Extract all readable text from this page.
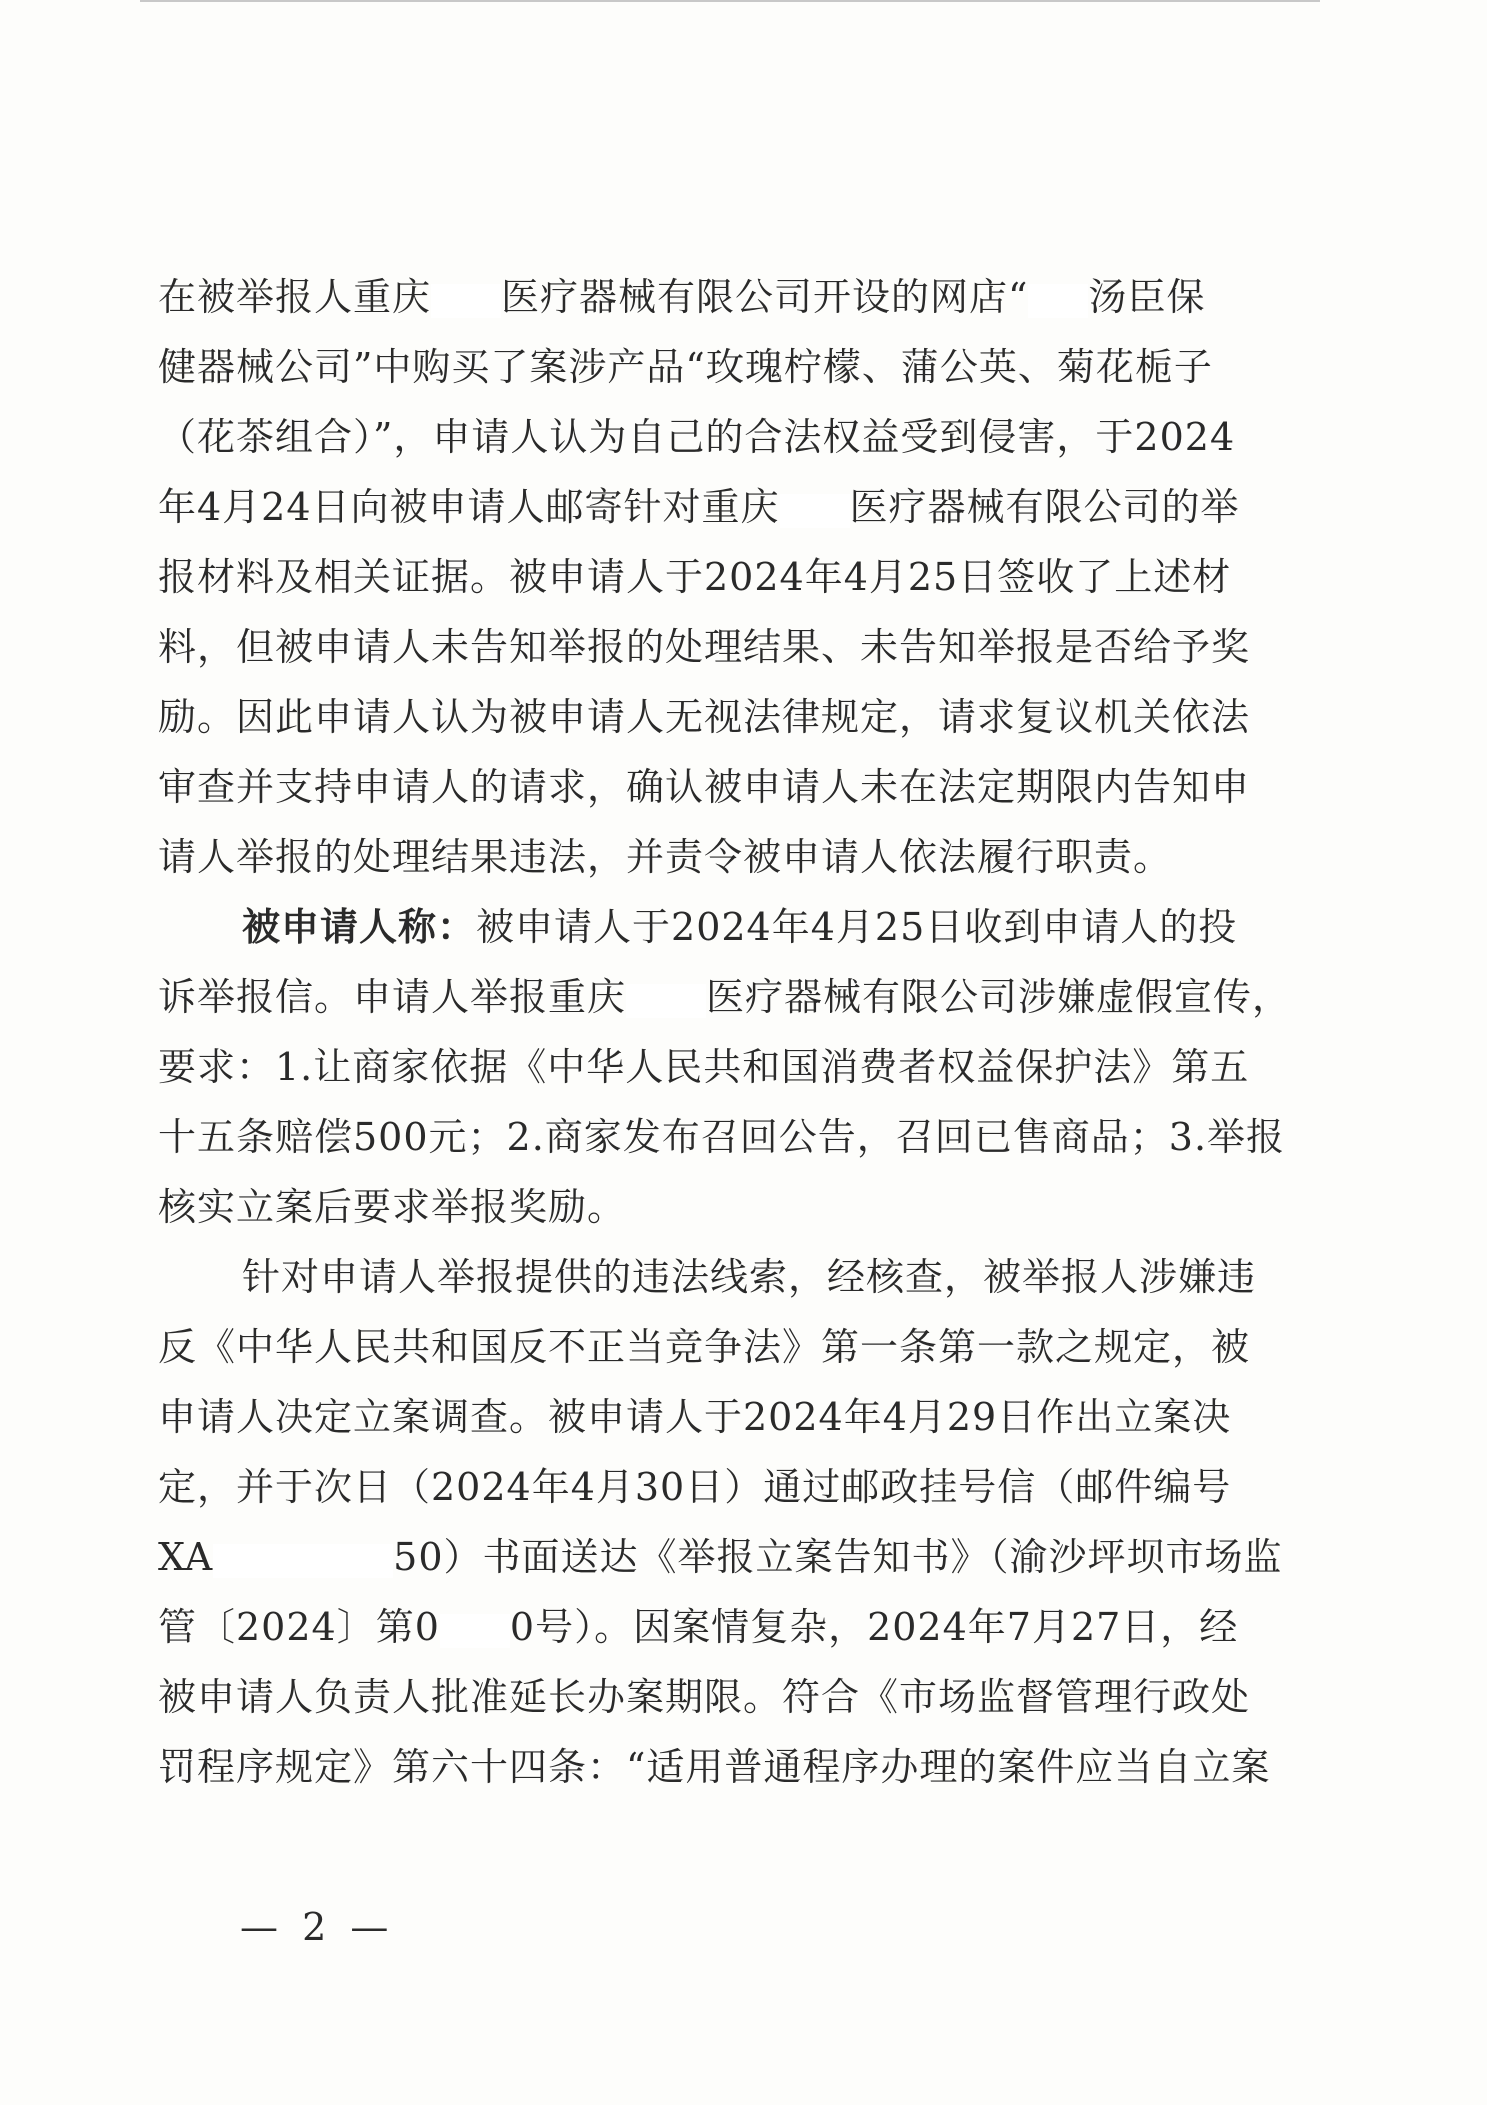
在被举报人重庆 医疗器械有限公司开设的网店“ 汤臣保
健器械公司”中购买了案涉产品“玫瑰柠檬、蒲公英、菊花栀子
（花茶组合）”，申请人认为自己的合法权益受到侵害，于2024
年4月24日向被申请人邮寄针对重庆 医疗器械有限公司的举
报材料及相关证据。被申请人于2024年4月25日签收了上述材
料，但被申请人未告知举报的处理结果、未告知举报是否给予奖
励。因此申请人认为被申请人无视法律规定，请求复议机关依法
审查并支持申请人的请求，确认被申请人未在法定期限内告知申
请人举报的处理结果违法，并责令被申请人依法履行职责。
被申请人称：被申请人于2024年4月25日收到申请人的投
诉举报信。申请人举报重庆 医疗器械有限公司涉嫌虚假宣传，
要求：1.让商家依据《中华人民共和国消费者权益保护法》第五
十五条赔偿500元；2.商家发布召回公告，召回已售商品；3.举报
核实立案后要求举报奖励。
针对申请人举报提供的违法线索，经核查，被举报人涉嫌违
反《中华人民共和国反不正当竞争法》第一条第一款之规定，被
申请人决定立案调查。被申请人于2024年4月29日作出立案决
定，并于次日（2024年4月30日）通过邮政挂号信（邮件编号
XA	50）书面送达《举报立案告知书》（渝沙坪坝市场监
管〔2024〕第0 0号）。因案情复杂，2024年7月27日，经
被申请人负责人批准延长办案期限。符合《市场监督管理行政处
罚程序规定》第六十四条：“适用普通程序办理的案件应当自立案
— 2 —
